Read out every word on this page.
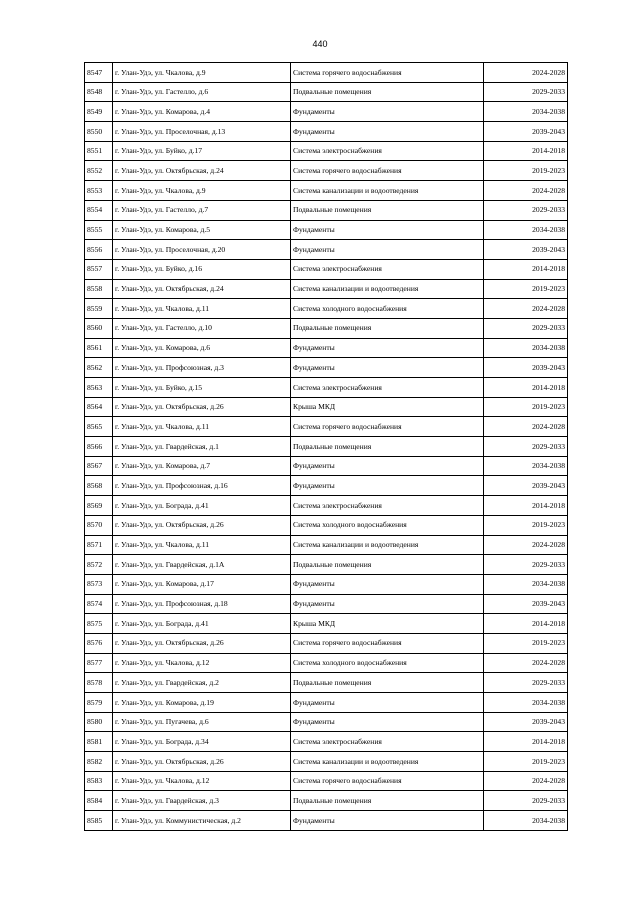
440
8547	г. Улан-Удэ, ул. Чкалова, д.9	Система горячего водоснабжения	2024-2028
8548	г. Улан-Удэ, ул. Гастелло, д.6	Подвальные помещения	2029-2033
8549	г. Улан-Удэ, ул. Комарова, д.4	Фундаменты	2034-2038
8550	г. Улан-Удэ, ул. Проселочная, д.13	Фундаменты	2039-2043
8551	г. Улан-Удэ, ул. Буйко, д.17	Система электроснабжения	2014-2018
8552	г. Улан-Удэ, ул. Октябрьская, д.24	Система горячего водоснабжения	2019-2023
8553	г. Улан-Удэ, ул. Чкалова, д.9	Система канализации и водоотведения	2024-2028
8554	г. Улан-Удэ, ул. Гастелло, д.7	Подвальные помещения	2029-2033
8555	г. Улан-Удэ, ул. Комарова, д.5	Фундаменты	2034-2038
8556	г. Улан-Удэ, ул. Проселочная, д.20	Фундаменты	2039-2043
8557	г. Улан-Удэ, ул. Буйко, д.16	Система электроснабжения	2014-2018
8558	г. Улан-Удэ, ул. Октябрьская, д.24	Система канализации и водоотведения	2019-2023
8559	г. Улан-Удэ, ул. Чкалова, д.11	Система холодного водоснабжения	2024-2028
8560	г. Улан-Удэ, ул. Гастелло, д.10	Подвальные помещения	2029-2033
8561	г. Улан-Удэ, ул. Комарова, д.6	Фундаменты	2034-2038
8562	г. Улан-Удэ, ул. Профсоюзная, д.3	Фундаменты	2039-2043
8563	г. Улан-Удэ, ул. Буйко, д.15	Система электроснабжения	2014-2018
8564	г. Улан-Удэ, ул. Октябрьская, д.26	Крыша МКД	2019-2023
8565	г. Улан-Удэ, ул. Чкалова, д.11	Система горячего водоснабжения	2024-2028
8566	г. Улан-Удэ, ул. Гвардейская, д.1	Подвальные помещения	2029-2033
8567	г. Улан-Удэ, ул. Комарова, д.7	Фундаменты	2034-2038
8568	г. Улан-Удэ, ул. Профсоюзная, д.16	Фундаменты	2039-2043
8569	г. Улан-Удэ, ул. Бограда, д.41	Система электроснабжения	2014-2018
8570	г. Улан-Удэ, ул. Октябрьская, д.26	Система холодного водоснабжения	2019-2023
8571	г. Улан-Удэ, ул. Чкалова, д.11	Система канализации и водоотведения	2024-2028
8572	г. Улан-Удэ, ул. Гвардейская, д.1А	Подвальные помещения	2029-2033
8573	г. Улан-Удэ, ул. Комарова, д.17	Фундаменты	2034-2038
8574	г. Улан-Удэ, ул. Профсоюзная, д.18	Фундаменты	2039-2043
8575	г. Улан-Удэ, ул. Бограда, д.41	Крыша МКД	2014-2018
8576	г. Улан-Удэ, ул. Октябрьская, д.26	Система горячего водоснабжения	2019-2023
8577	г. Улан-Удэ, ул. Чкалова, д.12	Система холодного водоснабжения	2024-2028
8578	г. Улан-Удэ, ул. Гвардейская, д.2	Подвальные помещения	2029-2033
8579	г. Улан-Удэ, ул. Комарова, д.19	Фундаменты	2034-2038
8580	г. Улан-Удэ, ул. Пугачева, д.6	Фундаменты	2039-2043
8581	г. Улан-Удэ, ул. Бограда, д.34	Система электроснабжения	2014-2018
8582	г. Улан-Удэ, ул. Октябрьская, д.26	Система канализации и водоотведения	2019-2023
8583	г. Улан-Удэ, ул. Чкалова, д.12	Система горячего водоснабжения	2024-2028
8584	г. Улан-Удэ, ул. Гвардейская, д.3	Подвальные помещения	2029-2033
8585	г. Улан-Удэ, ул. Коммунистическая, д.2	Фундаменты	2034-2038
